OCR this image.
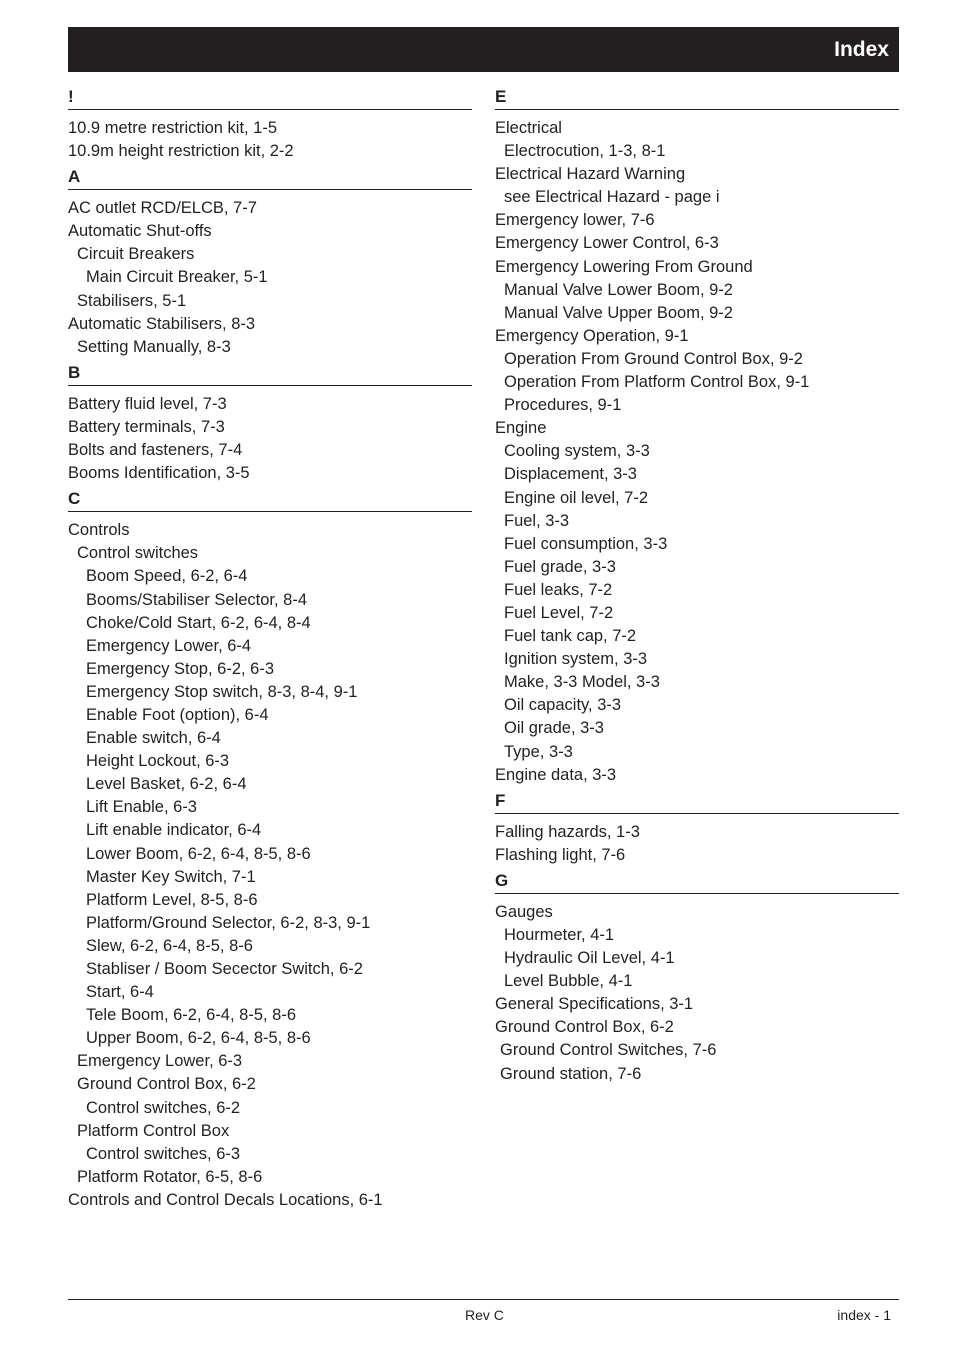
Index
!
10.9 metre restriction kit, 1-5
10.9m height restriction kit, 2-2
A
AC outlet RCD/ELCB, 7-7
Automatic Shut-offs
Circuit Breakers
Main Circuit Breaker, 5-1
Stabilisers, 5-1
Automatic Stabilisers, 8-3
Setting Manually, 8-3
B
Battery fluid level, 7-3
Battery terminals, 7-3
Bolts and fasteners, 7-4
Booms Identification, 3-5
C
Controls
Control switches
Boom Speed, 6-2, 6-4
Booms/Stabiliser Selector, 8-4
Choke/Cold Start, 6-2, 6-4, 8-4
Emergency Lower, 6-4
Emergency Stop, 6-2, 6-3
Emergency Stop switch, 8-3, 8-4, 9-1
Enable Foot (option), 6-4
Enable switch, 6-4
Height Lockout, 6-3
Level Basket, 6-2, 6-4
Lift Enable, 6-3
Lift enable indicator, 6-4
Lower Boom, 6-2, 6-4, 8-5, 8-6
Master Key Switch, 7-1
Platform Level, 8-5, 8-6
Platform/Ground Selector, 6-2, 8-3, 9-1
Slew, 6-2, 6-4, 8-5, 8-6
Stabliser / Boom Secector Switch, 6-2
Start, 6-4
Tele Boom, 6-2, 6-4, 8-5, 8-6
Upper Boom, 6-2, 6-4, 8-5, 8-6
Emergency Lower, 6-3
Ground Control Box, 6-2
Control switches, 6-2
Platform Control Box
Control switches, 6-3
Platform Rotator, 6-5, 8-6
Controls and Control Decals Locations, 6-1
E
Electrical
Electrocution, 1-3, 8-1
Electrical Hazard Warning
see Electrical Hazard - page i
Emergency lower, 7-6
Emergency Lower Control, 6-3
Emergency Lowering From Ground
Manual Valve Lower Boom, 9-2
Manual Valve Upper Boom, 9-2
Emergency Operation, 9-1
Operation From Ground Control Box, 9-2
Operation From Platform Control Box, 9-1
Procedures, 9-1
Engine
Cooling system, 3-3
Displacement, 3-3
Engine oil level, 7-2
Fuel, 3-3
Fuel consumption, 3-3
Fuel grade, 3-3
Fuel leaks, 7-2
Fuel Level, 7-2
Fuel tank cap, 7-2
Ignition system, 3-3
Make, 3-3 Model, 3-3
Oil capacity, 3-3
Oil grade, 3-3
Type, 3-3
Engine data, 3-3
F
Falling hazards, 1-3
Flashing light, 7-6
G
Gauges
Hourmeter, 4-1
Hydraulic Oil Level, 4-1
Level Bubble, 4-1
General Specifications, 3-1
Ground Control Box, 6-2
Ground Control Switches, 7-6
Ground station, 7-6
Rev C	index - 1
